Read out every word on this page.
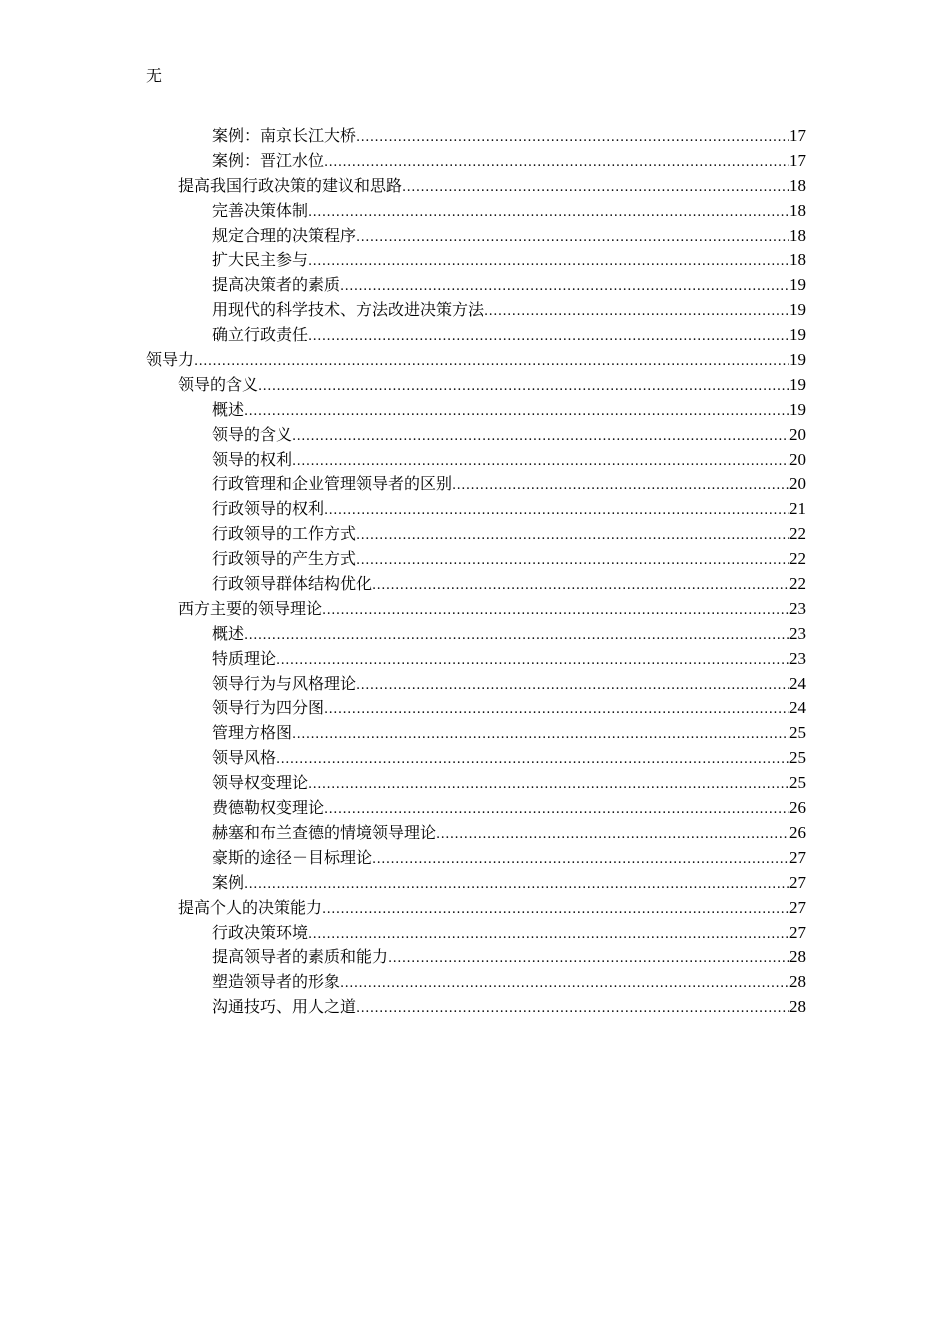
无
案例：南京长江大桥 .....	17
案例：晋江水位 .....	17
提高我国行政决策的建议和思路 .....	18
完善决策体制 .....	18
规定合理的决策程序 .....	18
扩大民主参与 .....	18
提高决策者的素质 .....	19
用现代的科学技术、方法改进决策方法 .....	19
确立行政责任 .....	19
领导力 .....	19
领导的含义 .....	19
概述 .....	19
领导的含义 .....	20
领导的权利 .....	20
行政管理和企业管理领导者的区别 .....	20
行政领导的权利 .....	21
行政领导的工作方式 .....	22
行政领导的产生方式 .....	22
行政领导群体结构优化 .....	22
西方主要的领导理论 .....	23
概述 .....	23
特质理论 .....	23
领导行为与风格理论 .....	24
领导行为四分图 .....	24
管理方格图 .....	25
领导风格 .....	25
领导权变理论 .....	25
费德勒权变理论 .....	26
赫塞和布兰查德的情境领导理论 .....	26
豪斯的途径－目标理论 .....	27
案例 .....	27
提高个人的决策能力 .....	27
行政决策环境 .....	27
提高领导者的素质和能力 .....	28
塑造领导者的形象 .....	28
沟通技巧、用人之道 .....	28
